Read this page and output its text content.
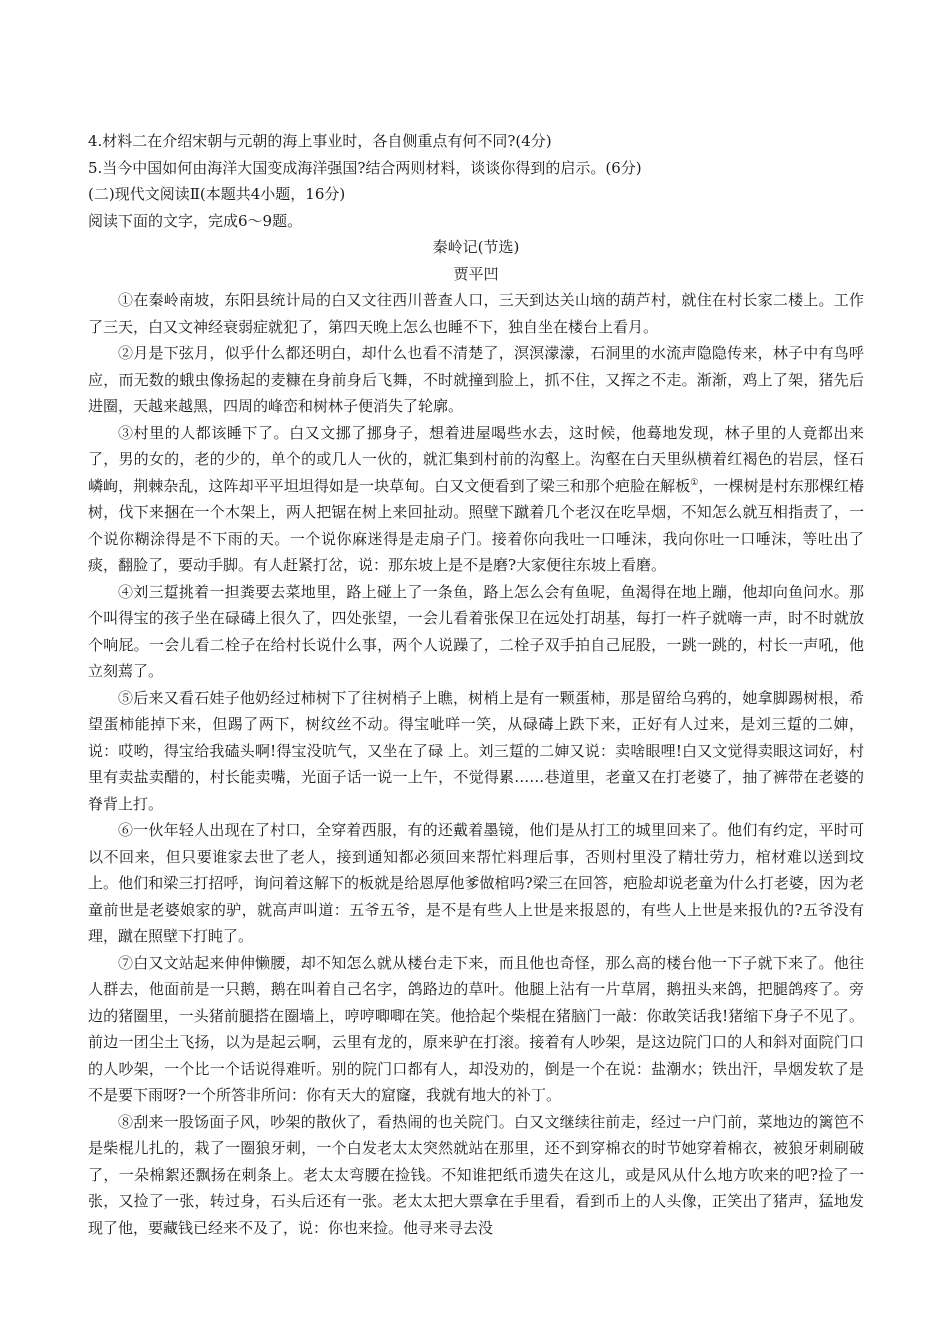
4.材料二在介绍宋朝与元朝的海上事业时，各自侧重点有何不同?(4分)

5.当今中国如何由海洋大国变成海洋强国?结合两则材料，谈谈你得到的启示。(6分)

(二)现代文阅读Ⅱ(本题共4小题，16分)

阅读下面的文字，完成6～9题。

秦岭记(节选)

贾平凹

①在秦岭南坡，东阳县统计局的白又文往西川普查人口，三天到达关山垴的葫芦村，就住在村长家二楼上。工作了三天，白又文神经衰弱症就犯了，第四天晚上怎么也睡不下，独自坐在楼台上看月。

②月是下弦月，似乎什么都还明白，却什么也看不清楚了，溟溟濛濛，石洞里的水流声隐隐传来，林子中有鸟呼应，而无数的蛾虫像扬起的麦糠在身前身后飞舞，不时就撞到脸上，抓不住，又挥之不走。渐渐，鸡上了架，猪先后进圈，天越来越黑，四周的峰峦和树林子便消失了轮廓。

③村里的人都该睡下了。白又文挪了挪身子，想着进屋喝些水去，这时候，他蓦地发现，林子里的人竟都出来了，男的女的，老的少的，单个的或几人一伙的，就汇集到村前的沟壑上。沟壑在白天里纵横着红褐色的岩层，怪石嶙峋，荆棘杂乱，这阵却平平坦坦得如是一块草甸。白又文便看到了梁三和那个疤脸在解板①，一棵树是村东那棵红椿树，伐下来捆在一个木架上，两人把锯在树上来回扯动。照壁下蹴着几个老汉在吃旱烟，不知怎么就互相指责了，一个说你糊涂得是不下雨的天。一个说你麻迷得是走扇子门。接着你向我吐一口唾沫，我向你吐一口唾沫，等吐出了痰，翻脸了，要动手脚。有人赶紧打岔，说：那东坡上是不是磨?大家便往东坡上看磨。

④刘三踅挑着一担粪要去菜地里，路上碰上了一条鱼，路上怎么会有鱼呢，鱼渴得在地上蹦，他却向鱼问水。那个叫得宝的孩子坐在碌碡上很久了，四处张望，一会儿看着张保卫在远处打胡基，每打一杵子就嗨一声，时不时就放个响屁。一会儿看二栓子在给村长说什么事，两个人说躁了，二栓子双手拍自己屁股，一跳一跳的，村长一声吼，他立刻蔫了。

⑤后来又看石娃子他奶经过柿树下了往树梢子上瞧，树梢上是有一颗蛋柿，那是留给乌鸦的，她拿脚踢树根，希望蛋柿能掉下来，但踢了两下，树纹丝不动。得宝呲咩一笑，从碌碡上跌下来，正好有人过来，是刘三踅的二婶，说：哎哟，得宝给我磕头啊!得宝没吭气，又坐在了碌 上。刘三踅的二婶又说：卖啥眼哩!白又文觉得卖眼这词好，村里有卖盐卖醋的，村长能卖嘴，光面子话一说一上午，不觉得累……巷道里，老童又在打老婆了，抽了裤带在老婆的脊背上打。

⑥一伙年轻人出现在了村口，全穿着西服，有的还戴着墨镜，他们是从打工的城里回来了。他们有约定，平时可以不回来，但只要谁家去世了老人，接到通知都必须回来帮忙料理后事，否则村里没了精壮劳力，棺材难以送到坟上。他们和梁三打招呼，询问着这解下的板就是给恩厚他爹做棺吗?梁三在回答，疤脸却说老童为什么打老婆，因为老童前世是老婆娘家的驴，就高声叫道：五爷五爷，是不是有些人上世是来报恩的，有些人上世是来报仇的?五爷没有理，蹴在照壁下打盹了。

⑦白又文站起来伸伸懒腰，却不知怎么就从楼台走下来，而且他也奇怪，那么高的楼台他一下子就下来了。他往人群去，他面前是一只鹅，鹅在叫着自己名字，鸽路边的草叶。他腿上沾有一片草屑，鹅扭头来鸽，把腿鸽疼了。旁边的猪圈里，一头猪前腿搭在圈墙上，哼哼唧唧在笑。他拾起个柴棍在猪脑门一敲：你敢笑话我!猪缩下身子不见了。前边一团尘土飞扬，以为是起云啊，云里有龙的，原来驴在打滚。接着有人吵架，是这边院门口的人和斜对面院门口的人吵架，一个比一个话说得难听。别的院门口都有人，却没劝的，倒是一个在说：盐潮水；铁出汗，旱烟发软了是不是要下雨呀?一个所答非所问：你有天大的窟窿，我就有地大的补丁。

⑧刮来一股饧面子风，吵架的散伙了，看热闹的也关院门。白又文继续往前走，经过一户门前，菜地边的篱笆不是柴棍儿扎的，栽了一圈狼牙刺，一个白发老太太突然就站在那里，还不到穿棉衣的时节她穿着棉衣，被狼牙刺刷破了，一朵棉絮还飘扬在刺条上。老太太弯腰在捡钱。不知谁把纸币遗失在这儿，或是风从什么地方吹来的吧?捡了一张，又捡了一张，转过身，石头后还有一张。老太太把大票拿在手里看，看到币上的人头像，正笑出了猪声，猛地发现了他，要藏钱已经来不及了，说：你也来捡。他寻来寻去没
